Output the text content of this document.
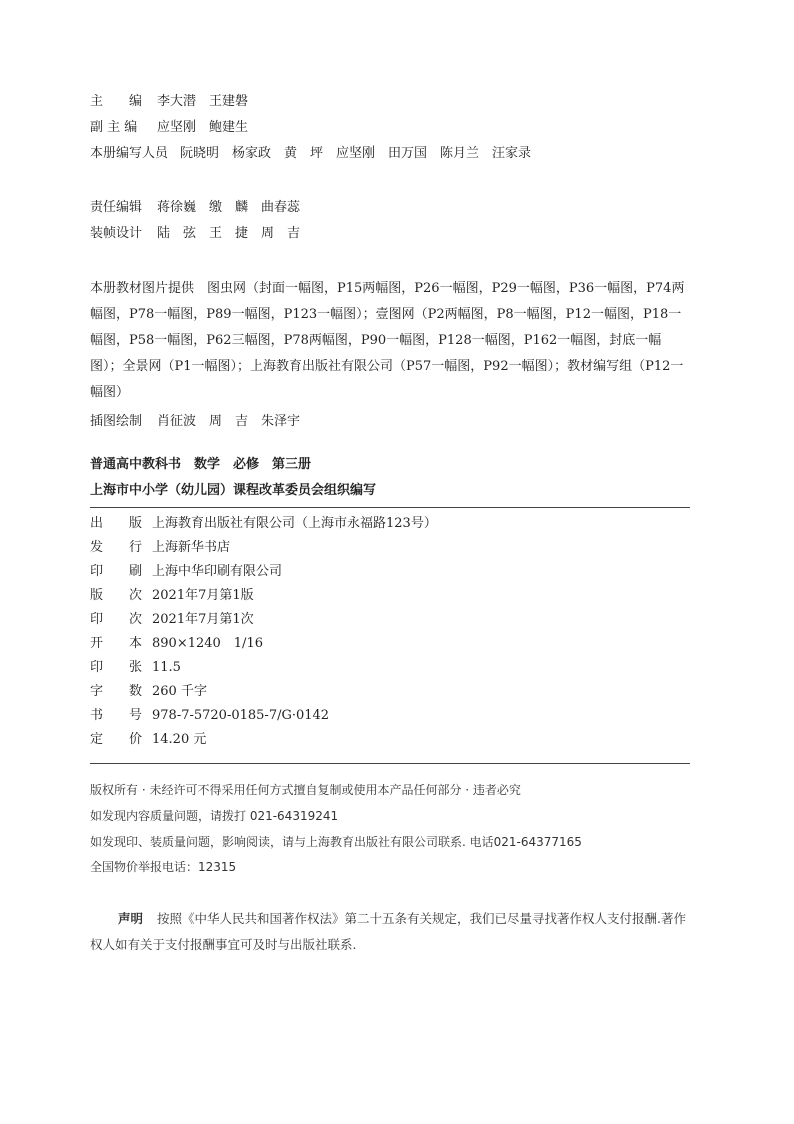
主　　编 李大潜　王建磐
副 主 编 应坚刚　鲍建生
本册编写人员 阮晓明　杨家政　黄　坪　应坚刚　田万国　陈月兰　汪家录
责任编辑 蒋徐巍　缴　麟　曲春蕊
装帧设计 陆　弦　王　捷　周　吉
本册教材图片提供　图虫网（封面一幅图，P15两幅图，P26一幅图，P29一幅图，P36一幅图，P74两幅图，P78一幅图，P89一幅图，P123一幅图）；壹图网（P2两幅图，P8一幅图，P12一幅图，P18一幅图，P58一幅图，P62三幅图，P78两幅图，P90一幅图，P128一幅图，P162一幅图，封底一幅图）；全景网（P1一幅图）；上海教育出版社有限公司（P57一幅图，P92一幅图）；教材编写组（P12一幅图）
插图绘制 肖征波　周　吉　朱泽宇
普通高中教科书　数学　必修　第三册
上海市中小学（幼儿园）课程改革委员会组织编写
出　　版 上海教育出版社有限公司（上海市永福路123号）
发　　行 上海新华书店
印　　刷 上海中华印刷有限公司
版　　次 2021年7月第1版
印　　次 2021年7月第1次
开　　本 890×1240　1/16
印　　张 11.5
字　　数 260 千字
书　　号 978-7-5720-0185-7/G·0142
定　　价 14.20 元
版权所有 · 未经许可不得采用任何方式擅自复制或使用本产品任何部分 · 违者必究
如发现内容质量问题，请拨打 021-64319241
如发现印、装质量问题，影响阅读，请与上海教育出版社有限公司联系. 电话021-64377165
全国物价举报电话：12315
声明 按照《中华人民共和国著作权法》第二十五条有关规定，我们已尽量寻找著作权人支付报酬.著作权人如有关于支付报酬事宜可及时与出版社联系.
